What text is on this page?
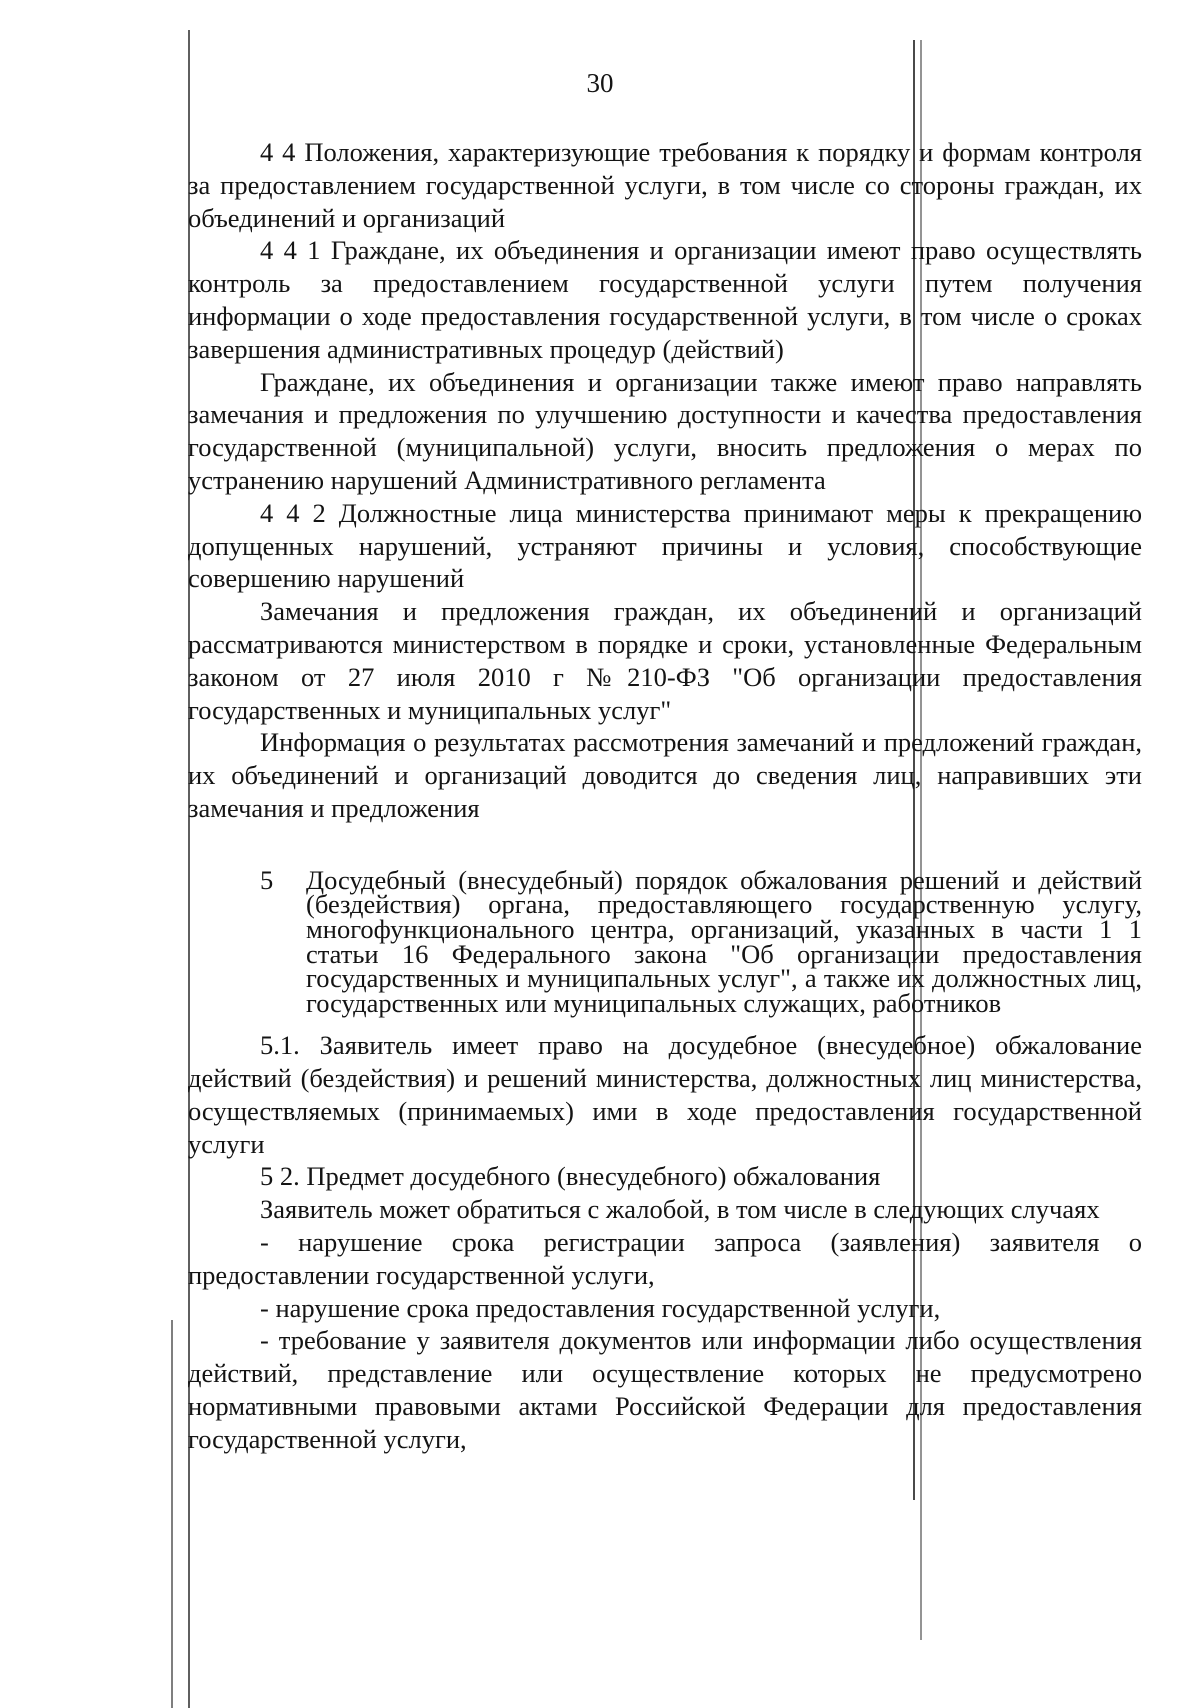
30

4 4 Положения, характеризующие требования к порядку и формам контроля за предоставлением государственной услуги, в том числе со стороны граждан, их объединений и организаций

4 4 1 Граждане, их объединения и организации имеют право осуществлять контроль за предоставлением государственной услуги путем получения информации о ходе предоставления государственной услуги, в том числе о сроках завершения административных процедур (действий)

Граждане, их объединения и организации также имеют право направлять замечания и предложения по улучшению доступности и качества предоставления государственной (муниципальной) услуги, вносить предложения о мерах по устранению нарушений Административного регламента

4 4 2 Должностные лица министерства принимают меры к прекращению допущенных нарушений, устраняют причины и условия, способствующие совершению нарушений

Замечания и предложения граждан, их объединений и организаций рассматриваются министерством в порядке и сроки, установленные Федеральным законом от 27 июля 2010 г №210-ФЗ "Об организации предоставления государственных и муниципальных услуг"

Информация о результатах рассмотрения замечаний и предложений граждан, их объединений и организаций доводится до сведения лиц, направивших эти замечания и предложения

5 Досудебный (внесудебный) порядок обжалования решений и действий (бездействия) органа, предоставляющего государственную услугу, многофункционального центра, организаций, указанных в части 1 1 статьи 16 Федерального закона "Об организации предоставления государственных и муниципальных услуг", а также их должностных лиц, государственных или муниципальных служащих, работников

5.1. Заявитель имеет право на досудебное (внесудебное) обжалование действий (бездействия) и решений министерства, должностных лиц министерства, осуществляемых (принимаемых) ими в ходе предоставления государственной услуги

5 2. Предмет досудебного (внесудебного) обжалования

Заявитель может обратиться с жалобой, в том числе в следующих случаях

- нарушение срока регистрации запроса (заявления) заявителя о предоставлении государственной услуги,

- нарушение срока предоставления государственной услуги,

- требование у заявителя документов или информации либо осуществления действий, представление или осуществление которых не предусмотрено нормативными правовыми актами Российской Федерации для предоставления государственной услуги,
